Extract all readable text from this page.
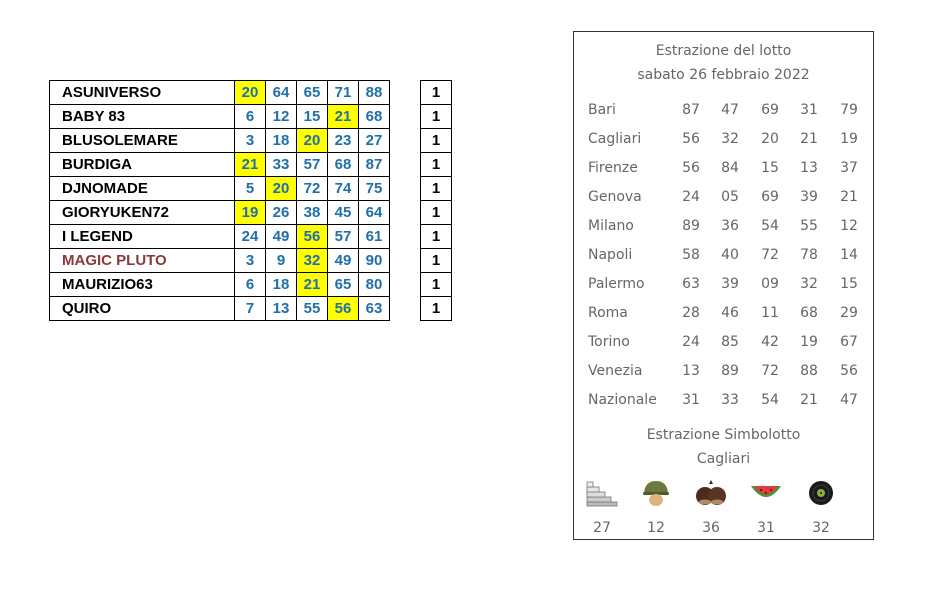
ASUNIVERSO	20	64	65	71	88		1
BABY 83	6	12	15	21	68		1
BLUSOLEMARE	3	18	20	23	27		1
BURDIGA	21	33	57	68	87		1
DJNOMADE	5	20	72	74	75		1
GIORYUKEN72	19	26	38	45	64		1
I LEGEND	24	49	56	57	61		1
MAGIC PLUTO	3	9	32	49	90		1
MAURIZIO63	6	18	21	65	80		1
QUIRO	7	13	55	56	63		1
Estrazione del lotto
sabato 26 febbraio 2022
Bari	87	47	69	31	79
Cagliari	56	32	20	21	19
Firenze	56	84	15	13	37
Genova	24	05	69	39	21
Milano	89	36	54	55	12
Napoli	58	40	72	78	14
Palermo	63	39	09	32	15
Roma	28	46	11	68	29
Torino	24	85	42	19	67
Venezia	13	89	72	88	56
Nazionale	31	33	54	21	47
Estrazione Simbolotto
Cagliari
27	12	36	31	32
